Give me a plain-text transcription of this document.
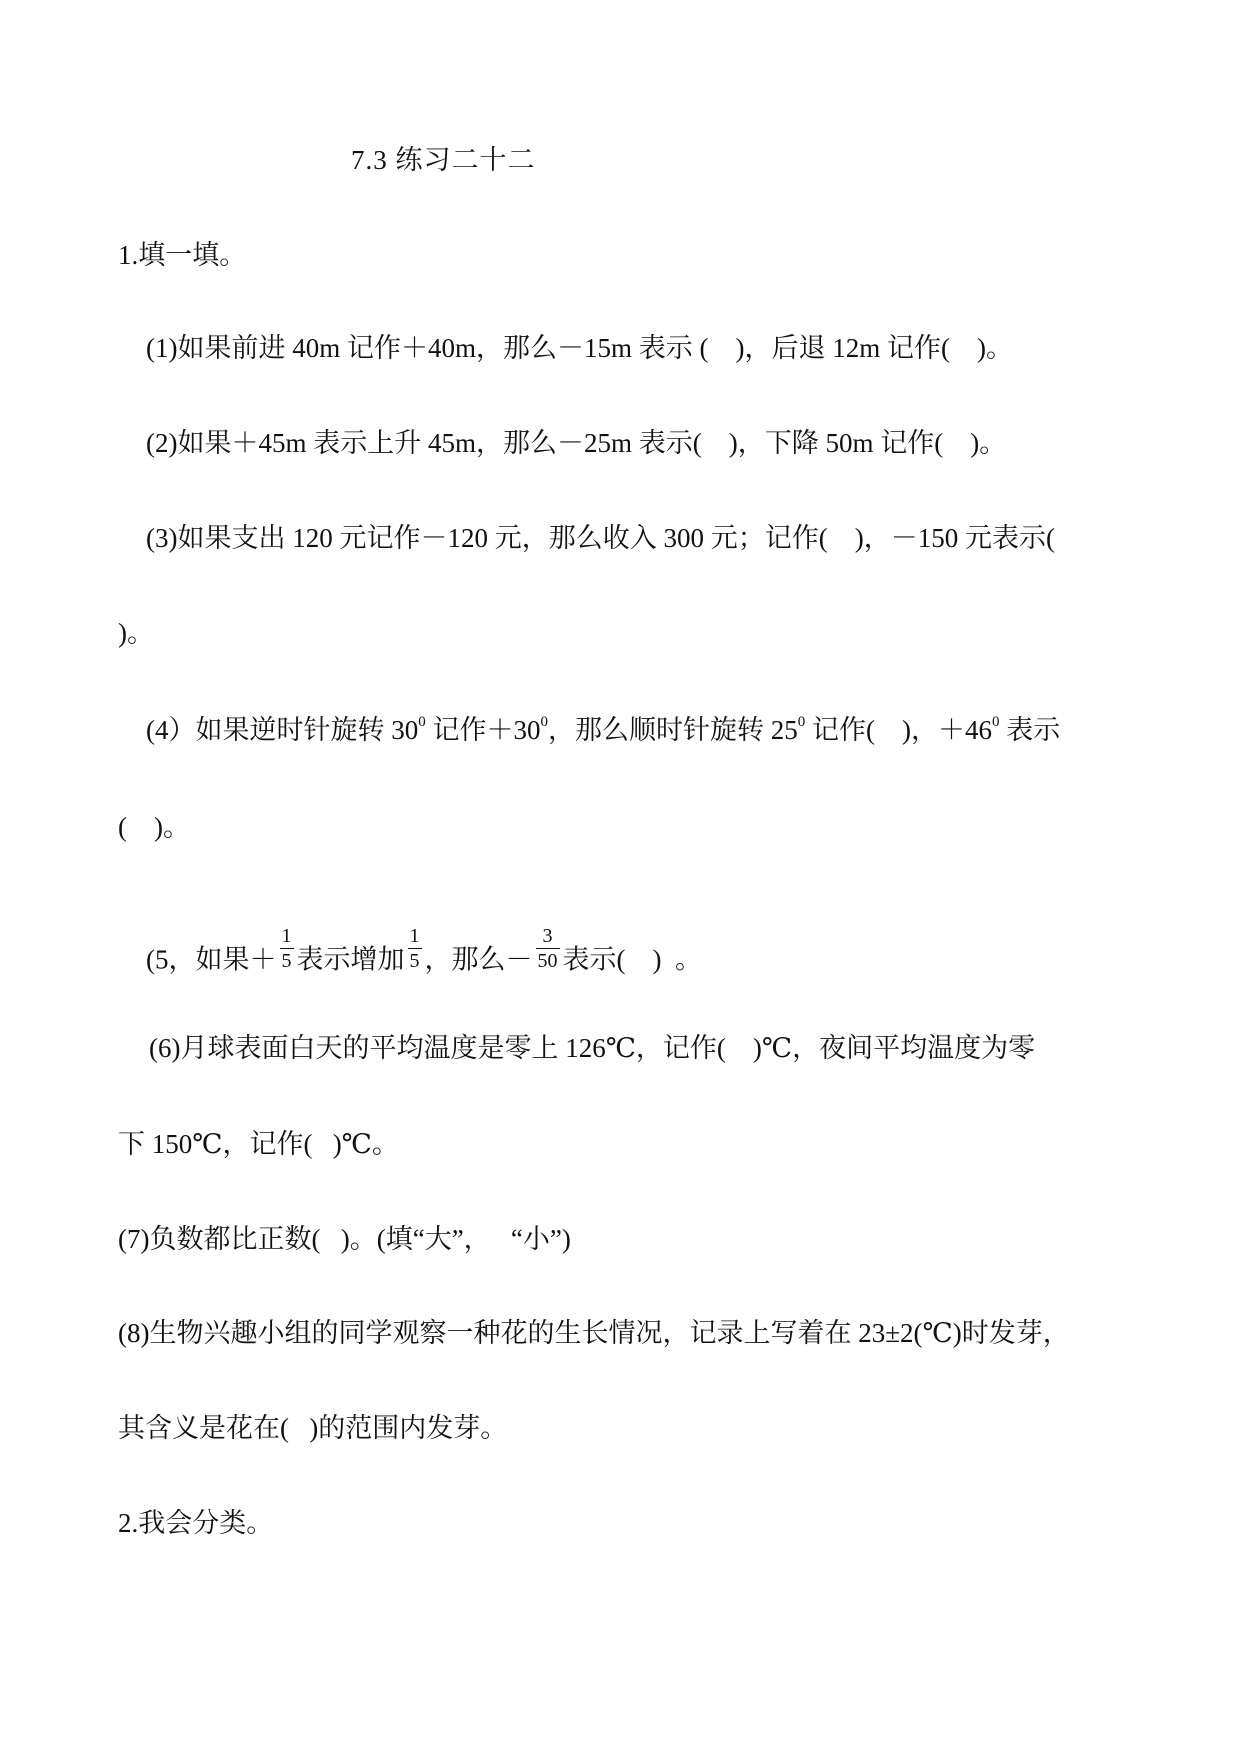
7.3 练习二十二
1.填一填。
(1)如果前进 40m 记作＋40m，那么－15m 表示 (    )，后退 12m 记作(    )。
(2)如果＋45m 表示上升 45m，那么－25m 表示(    )，下降 50m 记作(    )。
(3)如果支出 120 元记作－120 元，那么收入 300 元；记作(    )，－150 元表示(
)。
(4）如果逆时针旋转 $30^0$ 记作$+30^0$，那么顺时针旋转 $25^0$ 记作(    )，$+46^0$ 表示
(    )。
(5，如果＋ $\frac{1}{5}$ 表示增加 $\frac{1}{5}$ ，那么－ $\frac{3}{50}$ 表示(    )  。
(6)月球表面白天的平均温度是零上 126℃，记作(    )℃，夜间平均温度为零
下 150℃，记作(   )℃。
(7)负数都比正数(   )。(填“大”，   “小”)
(8)生物兴趣小组的同学观察一种花的生长情况，记录上写着在 23±2(℃)时发芽，
其含义是花在(   )的范围内发芽。
2.我会分类。
